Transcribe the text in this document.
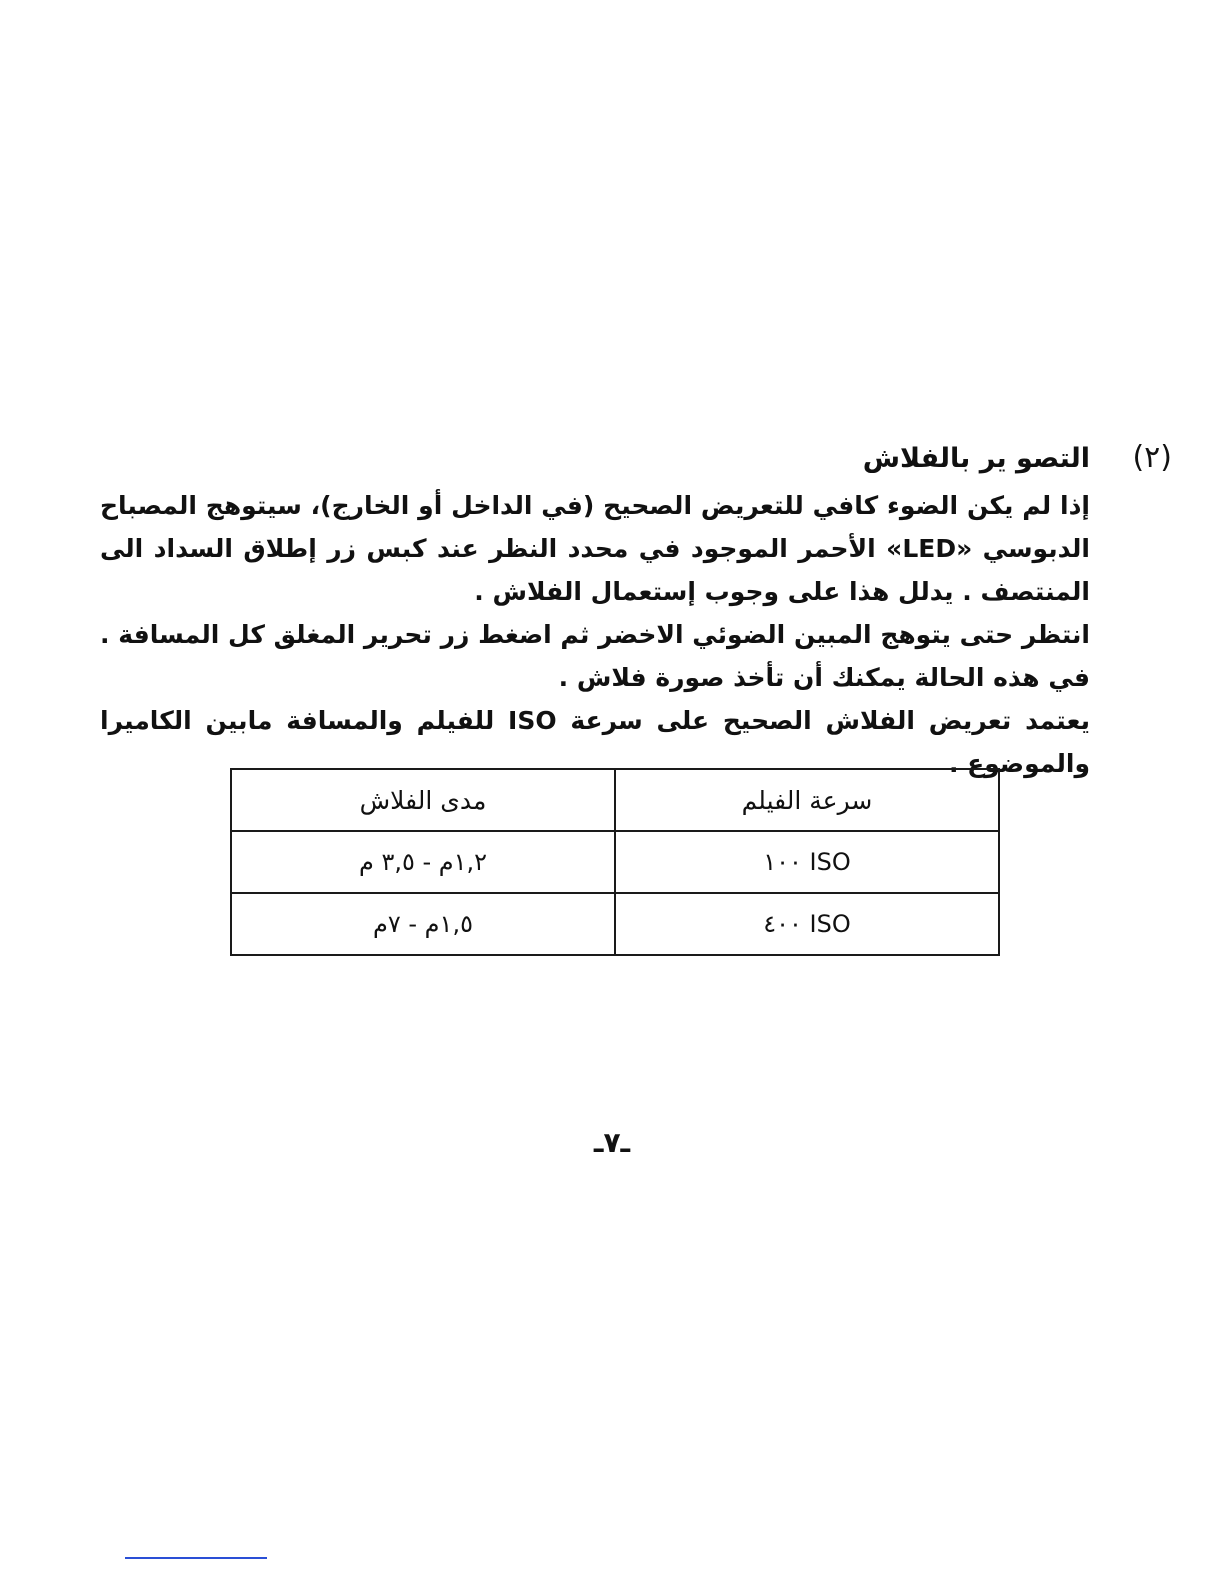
(٢)
التصو ير بالفلاش

إذا لم يكن الضوء كافي للتعريض الصحيح (في الداخل أو الخارج)، سيتوهج المصباح الدبوسي «LED» الأحمر الموجود في محدد النظر عند كبس زر إطلاق السداد الى المنتصف . يدلل هذا على وجوب إستعمال الفلاش .

انتظر حتى يتوهج المبين الضوئي الاخضر ثم اضغط زر تحرير المغلق كل المسافة . في هذه الحالة يمكنك أن تأخذ صورة فلاش .

يعتمد تعريض الفلاش الصحيح على سرعة ISO للفيلم والمسافة مابين الكاميرا والموضوع .

سرعة الفيلم	مدى الفلاش
ISO ١٠٠	١,٢م - ٣,٥ م
ISO ٤٠٠	١,٥م - ٧م
ـ٧ـ
